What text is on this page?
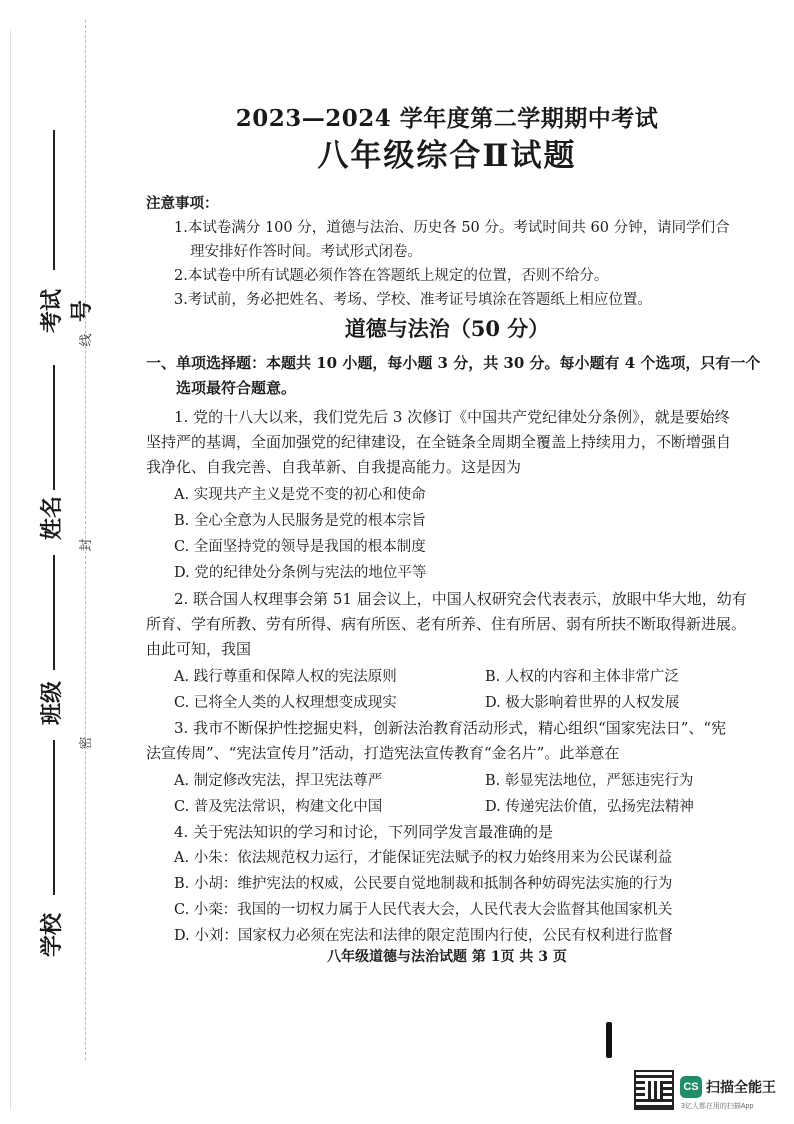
考试号
姓名
班级
学校
线
封
密
2023—2024 学年度第二学期期中考试
八年级综合Ⅱ试题
注意事项：
1.本试卷满分 100 分，道德与法治、历史各 50 分。考试时间共 60 分钟，请同学们合
理安排好作答时间。考试形式闭卷。
2.本试卷中所有试题必须作答在答题纸上规定的位置，否则不给分。
3.考试前，务必把姓名、考场、学校、准考证号填涂在答题纸上相应位置。
道德与法治（50 分）
一、单项选择题：本题共 10 小题，每小题 3 分，共 30 分。每小题有 4 个选项，只有一个
选项最符合题意。
1. 党的十八大以来，我们党先后 3 次修订《中国共产党纪律处分条例》，就是要始终
坚持严的基调，全面加强党的纪律建设，在全链条全周期全覆盖上持续用力，不断增强自
我净化、自我完善、自我革新、自我提高能力。这是因为
A. 实现共产主义是党不变的初心和使命
B. 全心全意为人民服务是党的根本宗旨
C. 全面坚持党的领导是我国的根本制度
D. 党的纪律处分条例与宪法的地位平等
2. 联合国人权理事会第 51 届会议上，中国人权研究会代表表示，放眼中华大地，幼有
所育、学有所教、劳有所得、病有所医、老有所养、住有所居、弱有所扶不断取得新进展。
由此可知，我国
A. 践行尊重和保障人权的宪法原则	B. 人权的内容和主体非常广泛
C. 已将全人类的人权理想变成现实	D. 极大影响着世界的人权发展
3. 我市不断保护性挖掘史料，创新法治教育活动形式，精心组织“国家宪法日”、“宪
法宣传周”、“宪法宣传月”活动，打造宪法宣传教育“金名片”。此举意在
A. 制定修改宪法，捍卫宪法尊严	B. 彰显宪法地位，严惩违宪行为
C. 普及宪法常识，构建文化中国	D. 传递宪法价值，弘扬宪法精神
4. 关于宪法知识的学习和讨论，下列同学发言最准确的是
A. 小朱：依法规范权力运行，才能保证宪法赋予的权力始终用来为公民谋利益
B. 小胡：维护宪法的权威，公民要自觉地制裁和抵制各种妨碍宪法实施的行为
C. 小栾：我国的一切权力属于人民代表大会，人民代表大会监督其他国家机关
D. 小刘：国家权力必须在宪法和法律的限定范围内行使，公民有权利进行监督
八年级道德与法治试题 第 1页 共 3 页
CS 扫描全能王
3亿人都在用的扫描App
